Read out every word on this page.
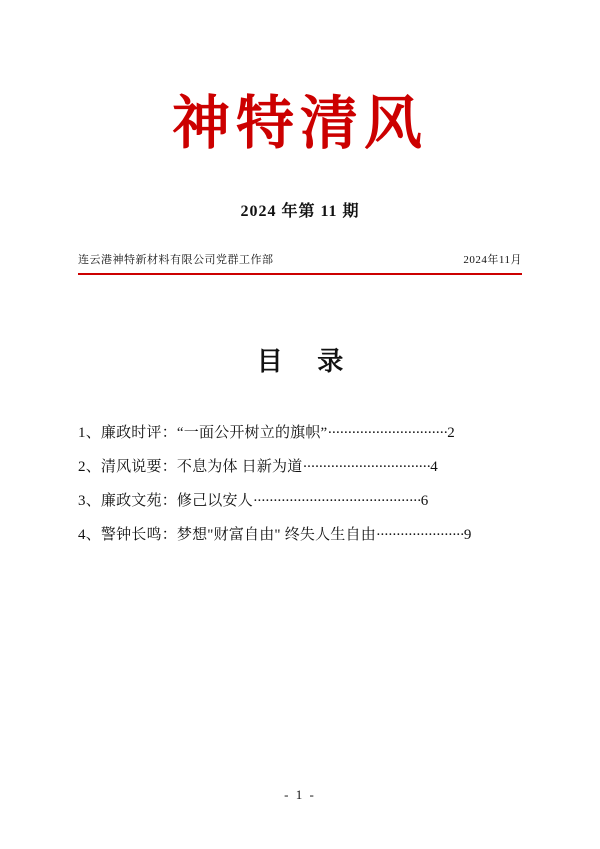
神特清风
2024 年第 11 期
连云港神特新材料有限公司党群工作部	2024年11月
目 录
1、廉政时评：“一面公开树立的旗帜”······························2
2、清风说要：不息为体 日新为道································4
3、廉政文苑：修己以安人··········································6
4、警钟长鸣：梦想"财富自由" 终失人生自由······················9
- 1 -
